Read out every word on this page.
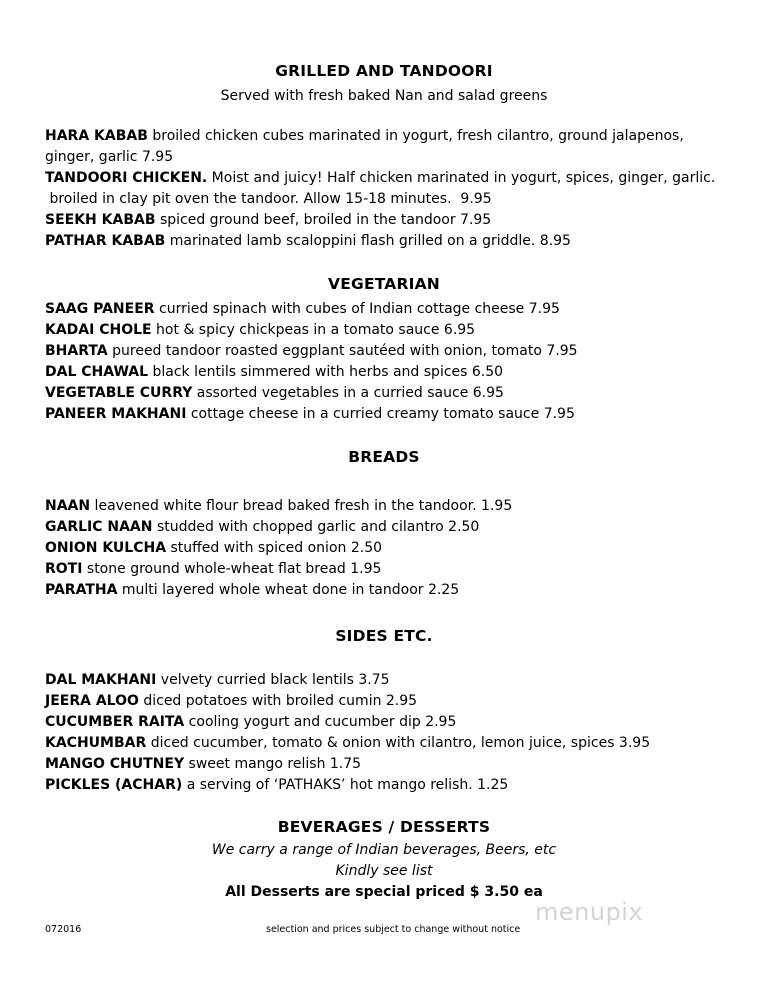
GRILLED AND TANDOORI
Served with fresh baked Nan and salad greens
HARA KABAB broiled chicken cubes marinated in yogurt, fresh cilantro, ground jalapenos,
ginger, garlic 7.95
TANDOORI CHICKEN. Moist and juicy! Half chicken marinated in yogurt, spices, ginger, garlic.
broiled in clay pit oven the tandoor. Allow 15-18 minutes.  9.95
SEEKH KABAB spiced ground beef, broiled in the tandoor 7.95
PATHAR KABAB marinated lamb scaloppini flash grilled on a griddle. 8.95
VEGETARIAN
SAAG PANEER curried spinach with cubes of Indian cottage cheese 7.95
KADAI CHOLE hot & spicy chickpeas in a tomato sauce 6.95
BHARTA pureed tandoor roasted eggplant sautéed with onion, tomato 7.95
DAL CHAWAL black lentils simmered with herbs and spices 6.50
VEGETABLE CURRY assorted vegetables in a curried sauce 6.95
PANEER MAKHANI cottage cheese in a curried creamy tomato sauce 7.95
BREADS
NAAN leavened white flour bread baked fresh in the tandoor. 1.95
GARLIC NAAN studded with chopped garlic and cilantro 2.50
ONION KULCHA stuffed with spiced onion 2.50
ROTI stone ground whole-wheat flat bread 1.95
PARATHA multi layered whole wheat done in tandoor 2.25
SIDES ETC.
DAL MAKHANI velvety curried black lentils 3.75
JEERA ALOO diced potatoes with broiled cumin 2.95
CUCUMBER RAITA cooling yogurt and cucumber dip 2.95
KACHUMBAR diced cucumber, tomato & onion with cilantro, lemon juice, spices 3.95
MANGO CHUTNEY sweet mango relish 1.75
PICKLES (ACHAR) a serving of ‘PATHAKS’ hot mango relish. 1.25
BEVERAGES / DESSERTS
We carry a range of Indian beverages, Beers, etc
Kindly see list
All Desserts are special priced $ 3.50 ea
menupix
072016	selection and prices subject to change without notice
